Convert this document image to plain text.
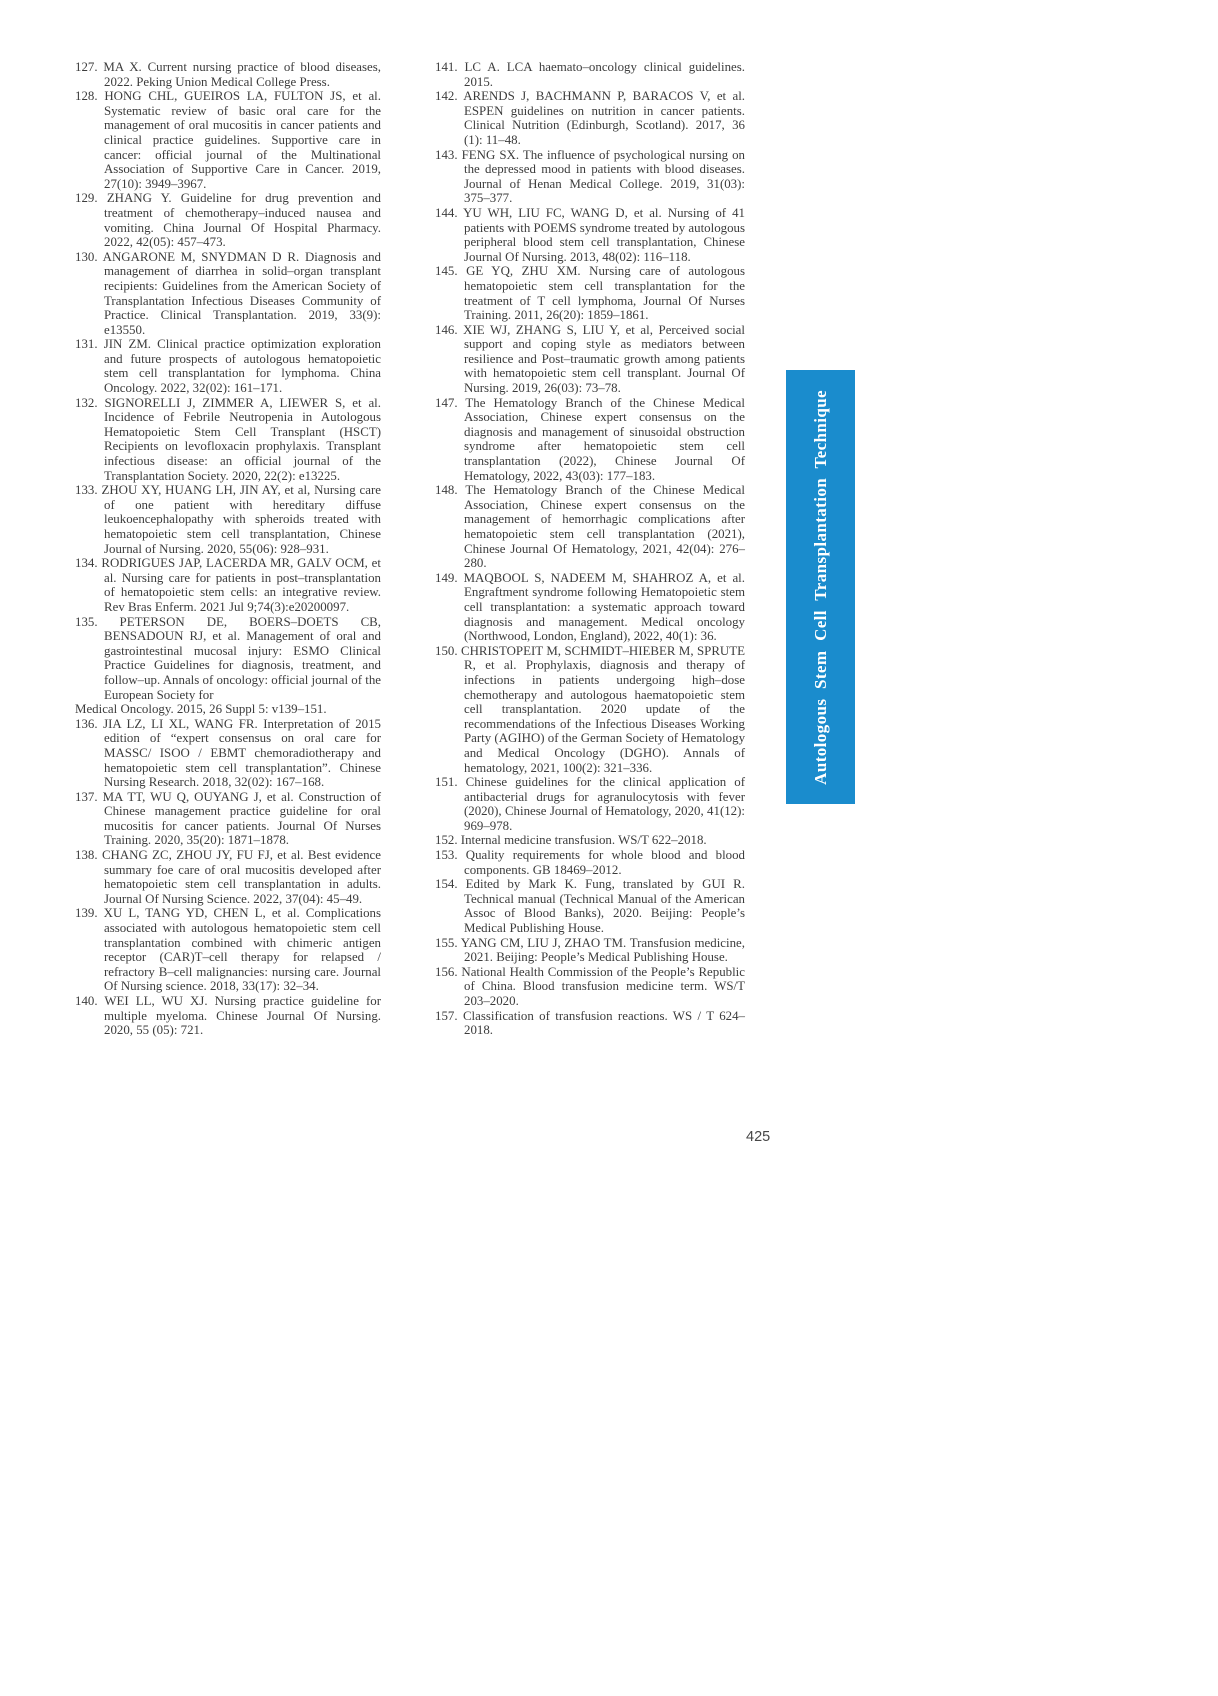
127. MA X. Current nursing practice of blood diseases, 2022. Peking Union Medical College Press.
128. HONG CHL, GUEIROS LA, FULTON JS, et al. Systematic review of basic oral care for the management of oral mucositis in cancer patients and clinical practice guidelines. Supportive care in cancer: official journal of the Multinational Association of Supportive Care in Cancer. 2019, 27(10): 3949–3967.
129. ZHANG Y. Guideline for drug prevention and treatment of chemotherapy–induced nausea and vomiting. China Journal Of Hospital Pharmacy. 2022, 42(05): 457–473.
130. ANGARONE M, SNYDMAN D R. Diagnosis and management of diarrhea in solid–organ transplant recipients: Guidelines from the American Society of Transplantation Infectious Diseases Community of Practice. Clinical Transplantation. 2019, 33(9): e13550.
131. JIN ZM. Clinical practice optimization exploration and future prospects of autologous hematopoietic stem cell transplantation for lymphoma. China Oncology. 2022, 32(02): 161–171.
132. SIGNORELLI J, ZIMMER A, LIEWER S, et al. Incidence of Febrile Neutropenia in Autologous Hematopoietic Stem Cell Transplant (HSCT) Recipients on levofloxacin prophylaxis. Transplant infectious disease: an official journal of the Transplantation Society. 2020, 22(2): e13225.
133. ZHOU XY, HUANG LH, JIN AY, et al, Nursing care of one patient with hereditary diffuse leukoencephalopathy with spheroids treated with hematopoietic stem cell transplantation, Chinese Journal of Nursing. 2020, 55(06): 928–931.
134. RODRIGUES JAP, LACERDA MR, GALV OCM, et al. Nursing care for patients in post–transplantation of hematopoietic stem cells: an integrative review. Rev Bras Enferm. 2021 Jul 9;74(3):e20200097.
135. PETERSON DE, BOERS–DOETS CB, BENSADOUN RJ, et al. Management of oral and gastrointestinal mucosal injury: ESMO Clinical Practice Guidelines for diagnosis, treatment, and follow–up. Annals of oncology: official journal of the European Society for
Medical Oncology. 2015, 26 Suppl 5: v139–151.
136. JIA LZ, LI XL, WANG FR. Interpretation of 2015 edition of “expert consensus on oral care for MASSC/ ISOO / EBMT chemoradiotherapy and hematopoietic stem cell transplantation”. Chinese Nursing Research. 2018, 32(02): 167–168.
137. MA TT, WU Q, OUYANG J, et al. Construction of Chinese management practice guideline for oral mucositis for cancer patients. Journal Of Nurses Training. 2020, 35(20): 1871–1878.
138. CHANG ZC, ZHOU JY, FU FJ, et al. Best evidence summary foe care of oral mucositis developed after hematopoietic stem cell transplantation in adults. Journal Of Nursing Science. 2022, 37(04): 45–49.
139. XU L, TANG YD, CHEN L, et al. Complications associated with autologous hematopoietic stem cell transplantation combined with chimeric antigen receptor (CAR)T–cell therapy for relapsed / refractory B–cell malignancies: nursing care. Journal Of Nursing science. 2018, 33(17): 32–34.
140. WEI LL, WU XJ. Nursing practice guideline for multiple myeloma. Chinese Journal Of Nursing. 2020, 55 (05): 721.
141. LC A. LCA haemato–oncology clinical guidelines. 2015.
142. ARENDS J, BACHMANN P, BARACOS V, et al. ESPEN guidelines on nutrition in cancer patients. Clinical Nutrition (Edinburgh, Scotland). 2017, 36 (1): 11–48.
143. FENG SX. The influence of psychological nursing on the depressed mood in patients with blood diseases. Journal of Henan Medical College. 2019, 31(03): 375–377.
144. YU WH, LIU FC, WANG D, et al. Nursing of 41 patients with POEMS syndrome treated by autologous peripheral blood stem cell transplantation, Chinese Journal Of Nursing. 2013, 48(02): 116–118.
145. GE YQ, ZHU XM. Nursing care of autologous hematopoietic stem cell transplantation for the treatment of T cell lymphoma, Journal Of Nurses Training. 2011, 26(20): 1859–1861.
146. XIE WJ, ZHANG S, LIU Y, et al, Perceived social support and coping style as mediators between resilience and Post–traumatic growth among patients with hematopoietic stem cell transplant. Journal Of Nursing. 2019, 26(03): 73–78.
147. The Hematology Branch of the Chinese Medical Association, Chinese expert consensus on the diagnosis and management of sinusoidal obstruction syndrome after hematopoietic stem cell transplantation (2022), Chinese Journal Of Hematology, 2022, 43(03): 177–183.
148. The Hematology Branch of the Chinese Medical Association, Chinese expert consensus on the management of hemorrhagic complications after hematopoietic stem cell transplantation (2021), Chinese Journal Of Hematology, 2021, 42(04): 276–280.
149. MAQBOOL S, NADEEM M, SHAHROZ A, et al. Engraftment syndrome following Hematopoietic stem cell transplantation: a systematic approach toward diagnosis and management. Medical oncology (Northwood, London, England), 2022, 40(1): 36.
150. CHRISTOPEIT M, SCHMIDT–HIEBER M, SPRUTE R, et al. Prophylaxis, diagnosis and therapy of infections in patients undergoing high–dose chemotherapy and autologous haematopoietic stem cell transplantation. 2020 update of the recommendations of the Infectious Diseases Working Party (AGIHO) of the German Society of Hematology and Medical Oncology (DGHO). Annals of hematology, 2021, 100(2): 321–336.
151. Chinese guidelines for the clinical application of antibacterial drugs for agranulocytosis with fever (2020), Chinese Journal of Hematology, 2020, 41(12): 969–978.
152. Internal medicine transfusion. WS/T 622–2018.
153. Quality requirements for whole blood and blood components. GB 18469–2012.
154. Edited by Mark K. Fung, translated by GUI R. Technical manual (Technical Manual of the American Assoc of Blood Banks), 2020. Beijing: People’s Medical Publishing House.
155. YANG CM, LIU J, ZHAO TM. Transfusion medicine, 2021. Beijing: People’s Medical Publishing House.
156. National Health Commission of the People’s Republic of China. Blood transfusion medicine term. WS/T 203–2020.
157. Classification of transfusion reactions. WS / T 624–2018.
Autologous Stem Cell Transplantation Technique
425
